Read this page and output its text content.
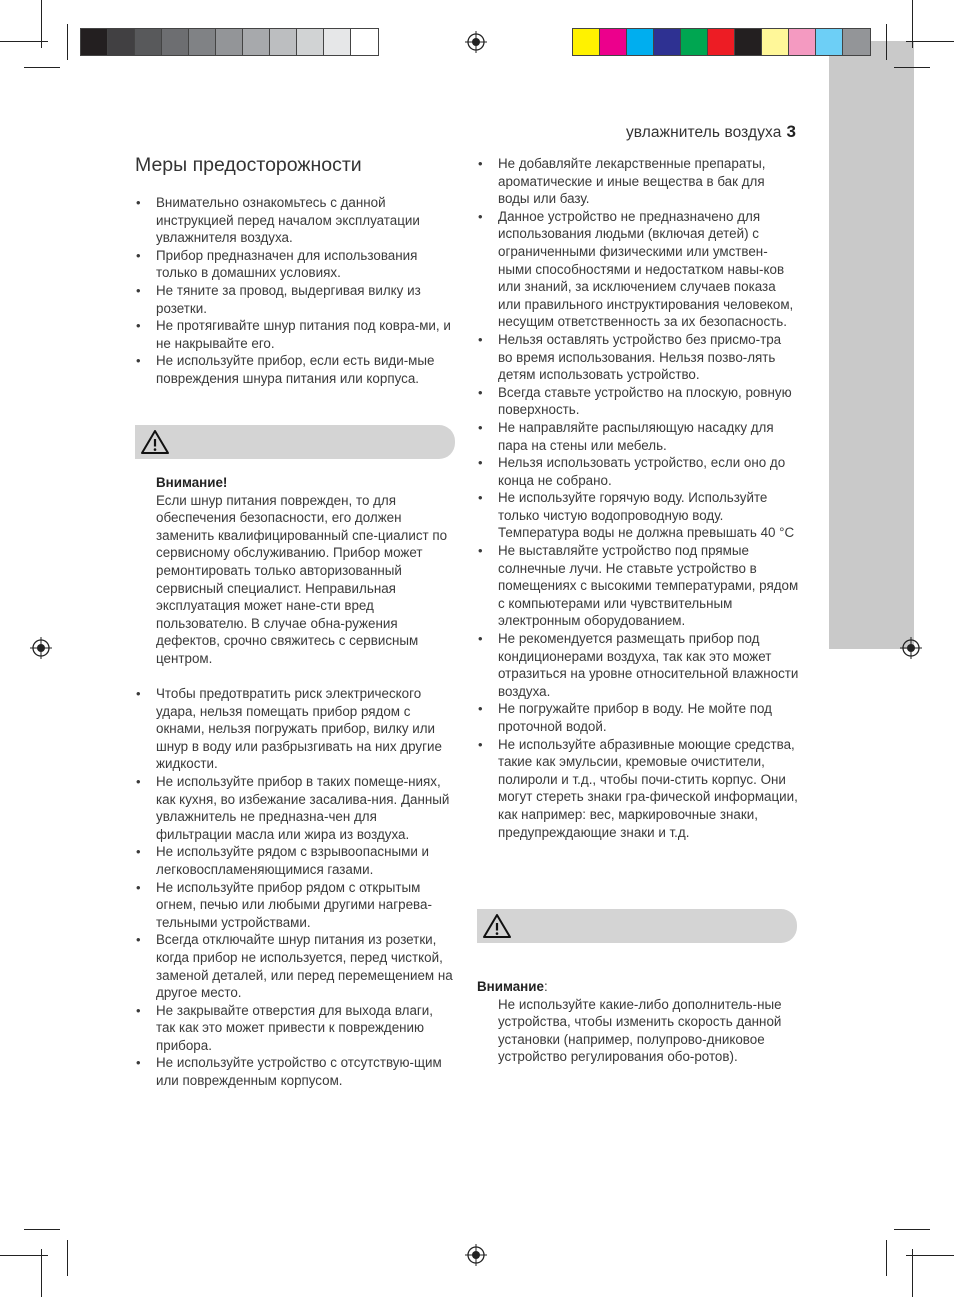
увлажнитель воздуха 3
Меры предосторожности
• Внимательно ознакомьтесь с данной инструкцией перед началом эксплуатации увлажнителя воздуха.
• Прибор предназначен для использования только в домашних условиях.
• Не тяните за провод, выдергивая вилку из розетки.
• Не протягивайте шнур питания под ковра-ми, и не накрывайте его.
• Не используйте прибор, если есть види-мые повреждения шнура питания или корпуса.
Внимание!
Если шнур питания поврежден, то для обеспечения безопасности, его должен заменить квалифицированный спе-циалист по сервисному обслуживанию. Прибор может ремонтировать только авторизованный сервисный специалист. Неправильная эксплуатация может нане-сти вред пользователю. В случае обна-ружения дефектов, срочно свяжитесь с сервисным центром.
• Чтобы предотвратить риск электрического удара, нельзя помещать прибор рядом с окнами, нельзя погружать прибор, вилку или шнур в воду или разбрызгивать на них другие жидкости.
• Не используйте прибор в таких помеще-ниях, как кухня, во избежание засалива-ния. Данный увлажнитель не предназна-чен для фильтрации масла или жира из воздуха.
• Не используйте рядом с взрывоопасными и легковоспламеняющимися газами.
• Не используйте прибор рядом с открытым огнем, печью или любыми другими нагрева-тельными устройствами.
• Всегда отключайте шнур питания из розетки, когда прибор не используется, перед чисткой, заменой деталей, или перед перемещением на другое место.
• Не закрывайте отверстия для выхода влаги, так как это может привести к повреждению прибора.
• Не используйте устройство с отсутствую-щим или поврежденным корпусом.
• Не добавляйте лекарственные препараты, ароматические и иные вещества в бак для воды или базу.
• Данное устройство не предназначено для использования людьми (включая детей) с ограниченными физическими или умствен-ными способностями и недостатком навы-ков или знаний, за исключением случаев показа или правильного инструктирования человеком, несущим ответственность за их безопасность.
• Нельзя оставлять устройство без присмо-тра во время использования. Нельзя позво-лять детям использовать устройство.
• Всегда ставьте устройство на плоскую, ровную поверхность.
• Не направляйте распыляющую насадку для пара на стены или мебель.
• Нельзя использовать устройство, если оно до конца не собрано.
• Не используйте горячую воду. Используйте только чистую водопроводную воду. Температура воды не должна превышать 40 °C
• Не выставляйте устройство под прямые солнечные лучи. Не ставьте устройство в помещениях с высокими температурами, рядом с компьютерами или чувствительным электронным оборудованием.
• Не рекомендуется размещать прибор под кондиционерами воздуха, так как это может отразиться на уровне относительной влажности воздуха.
• Не погружайте прибор в воду. Не мойте под проточной водой.
• Не используйте абразивные моющие средства, такие как эмульсии, кремовые очистители, полироли и т.д., чтобы почи-стить корпус. Они могут стереть знаки гра-фической информации, как например: вес, маркировочные знаки, предупреждающие знаки и т.д.
Внимание:
Не используйте какие-либо дополнитель-ные устройства, чтобы изменить скорость данной установки (например, полупрово-дниковое устройство регулирования обо-ротов).
